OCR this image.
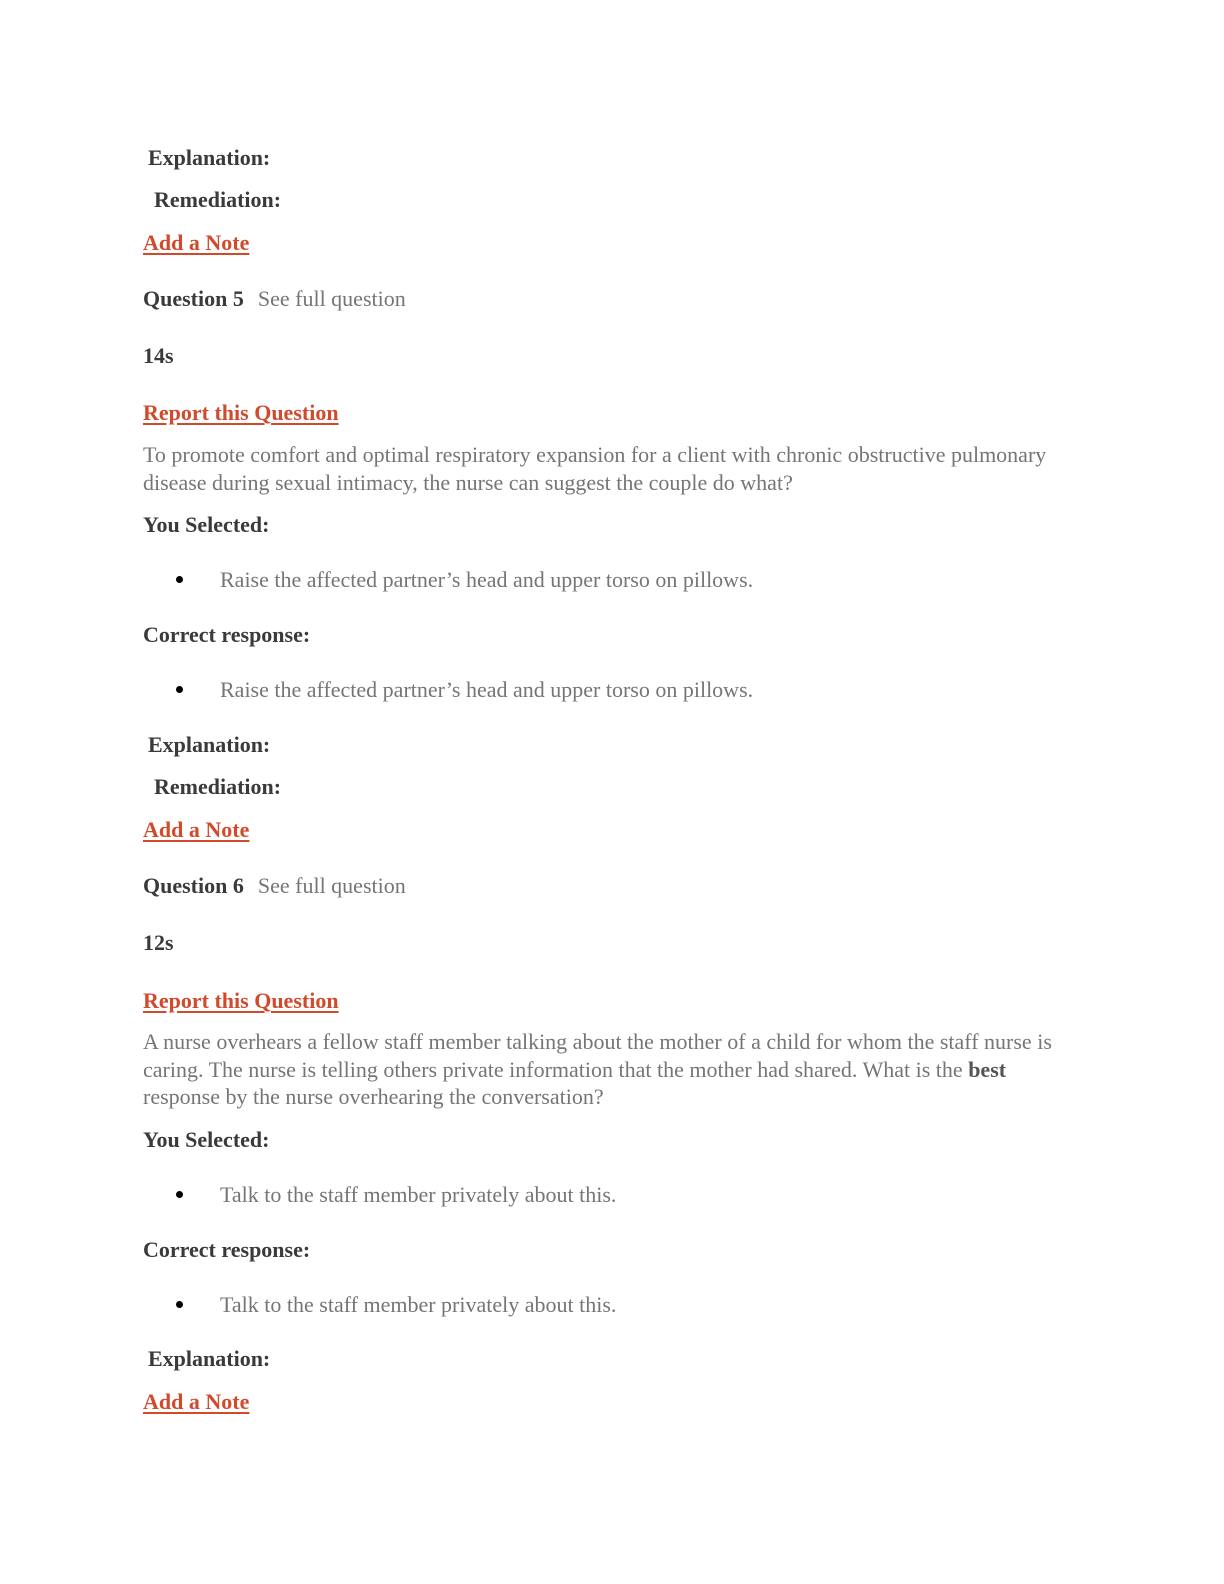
Explanation:
Remediation:
Add a Note
Question 5 See full question
14s
Report this Question
To promote comfort and optimal respiratory expansion for a client with chronic obstructive pulmonary disease during sexual intimacy, the nurse can suggest the couple do what?
You Selected:
Raise the affected partner’s head and upper torso on pillows.
Correct response:
Raise the affected partner’s head and upper torso on pillows.
Explanation:
Remediation:
Add a Note
Question 6 See full question
12s
Report this Question
A nurse overhears a fellow staff member talking about the mother of a child for whom the staff nurse is caring. The nurse is telling others private information that the mother had shared. What is the best response by the nurse overhearing the conversation?
You Selected:
Talk to the staff member privately about this.
Correct response:
Talk to the staff member privately about this.
Explanation:
Add a Note
